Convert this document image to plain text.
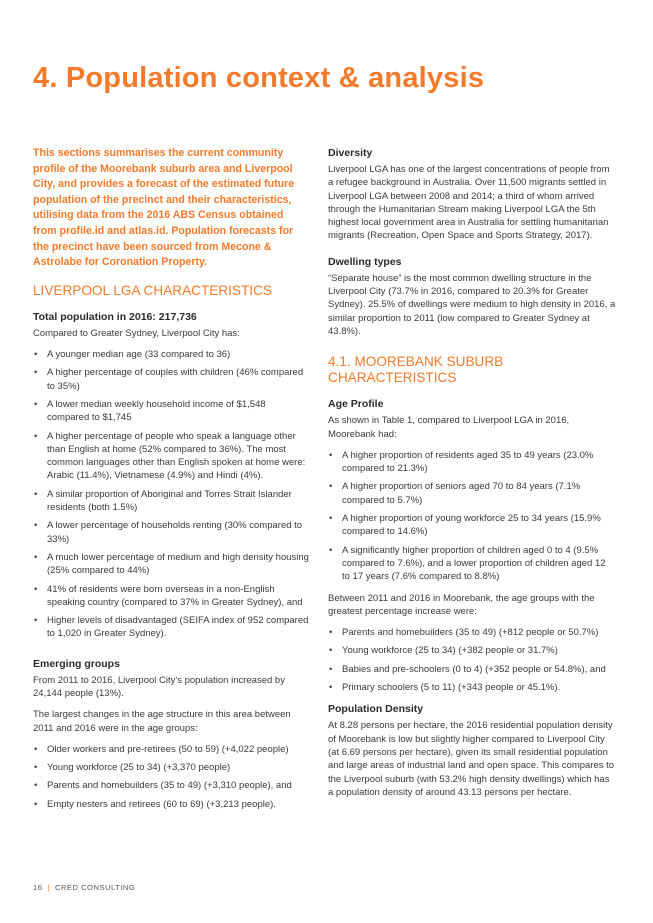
4. Population context & analysis

This sections summarises the current community profile of the Moorebank suburb area and Liverpool City, and provides a forecast of the estimated future population of the precinct and their characteristics, utilising data from the 2016 ABS Census obtained from profile.id and atlas.id. Population forecasts for the precinct have been sourced from Mecone & Astrolabe for Coronation Property.

LIVERPOOL LGA CHARACTERISTICS
Total population in 2016: 217,736

Compared to Greater Sydney, Liverpool City has:

• A younger median age (33 compared to 36)
• A higher percentage of couples with children (46% compared to 35%)
• A lower median weekly household income of $1,548 compared to $1,745
• A higher percentage of people who speak a language other than English at home (52% compared to 36%). The most common languages other than English spoken at home were: Arabic (11.4%), Vietnamese (4.9%) and Hindi (4%).
• A similar proportion of Aboriginal and Torres Strait Islander residents (both 1.5%)
• A lower percentage of households renting (30% compared to 33%)
• A much lower percentage of medium and high density housing (25% compared to 44%)
• 41% of residents were born overseas in a non-English speaking country (compared to 37% in Greater Sydney), and
• Higher levels of disadvantaged (SEIFA index of 952 compared to 1,020 in Greater Sydney).
Emerging groups

From 2011 to 2016, Liverpool City's population increased by 24,144 people (13%).

The largest changes in the age structure in this area between 2011 and 2016 were in the age groups:

• Older workers and pre-retirees (50 to 59) (+4,022 people)
• Young workforce (25 to 34) (+3,370 people)
• Parents and homebuilders (35 to 49) (+3,310 people), and
• Empty nesters and retirees (60 to 69) (+3,213 people).
Diversity

Liverpool LGA has one of the largest concentrations of people from a refugee background in Australia. Over 11,500 migrants settled in Liverpool LGA between 2008 and 2014; a third of whom arrived through the Humanitarian Stream making Liverpool LGA the 5th highest local government area in Australia for settling humanitarian migrants (Recreation, Open Space and Sports Strategy, 2017).

Dwelling types

“Separate house” is the most common dwelling structure in the Liverpool City (73.7% in 2016, compared to 20.3% for Greater Sydney). 25.5% of dwellings were medium to high density in 2016, a similar proportion to 2011 (low compared to Greater Sydney at 43.8%).

4.1. MOOREBANK SUBURB CHARACTERISTICS
Age Profile

As shown in Table 1, compared to Liverpool LGA in 2016, Moorebank had:

• A higher proportion of residents aged 35 to 49 years (23.0% compared to 21.3%)
• A higher proportion of seniors aged 70 to 84 years (7.1% compared to 5.7%)
• A higher proportion of young workforce 25 to 34 years (15.9% compared to 14.6%)
• A significantly higher proportion of children aged 0 to 4 (9.5% compared to 7.6%), and a lower proportion of children aged 12 to 17 years (7.6% compared to 8.8%)

Between 2011 and 2016 in Moorebank, the age groups with the greatest percentage increase were:

• Parents and homebuilders (35 to 49) (+812 people or 50.7%)
• Young workforce (25 to 34) (+382 people or 31.7%)
• Babies and pre-schoolers (0 to 4) (+352 people or 54.8%), and
• Primary schoolers (5 to 11) (+343 people or 45.1%).
Population Density

At 8.28 persons per hectare, the 2016 residential population density of Moorebank is low but slightly higher compared to Liverpool City (at 6.69 persons per hectare), given its small residential population and large areas of industrial land and open space. This compares to the Liverpool suburb (with 53.2% high density dwellings) which has a population density of around 43.13 persons per hectare.

16 | CRED CONSULTING
